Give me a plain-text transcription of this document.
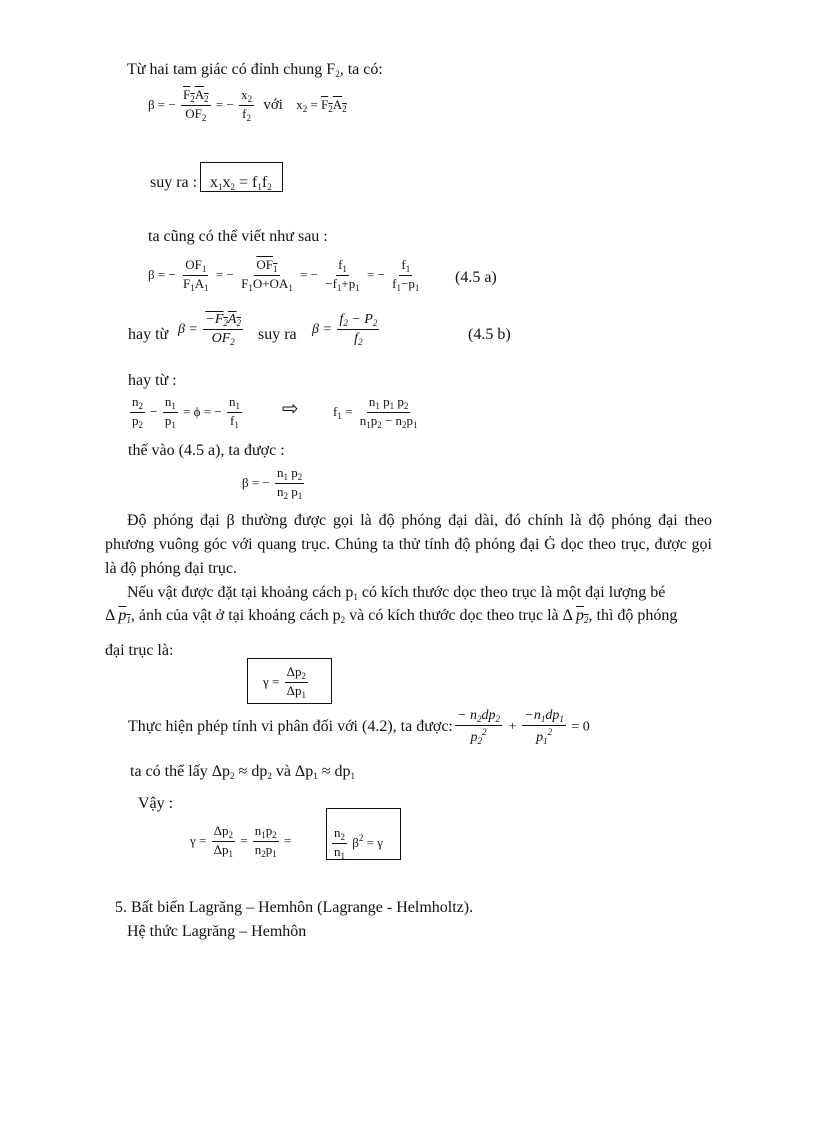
Từ hai tam giác có đỉnh chung F2, ta có:
β = − $\frac{F_2A_2}{OF_2}$ = − $\frac{x_2}{f_2}$ với $x_2 = F_2A_2$
suy ra : x1x2 = f1f2
ta cũng có thể viết như sau :
β = − $\frac{OF_1}{F_1A_1}$ = − $\frac{OF_1}{F_1O+OA_1}$ = − $\frac{f_1}{-f_1+p_1}$ = − $\frac{f_1}{f_1-p_1} (4.5$ a)
hay từ $\beta = \frac{-F_2A_2}{OF_2}$ suy ra $\beta = \frac{f_2 - P_2}{f_2}$	(4.5 b)
hay từ :
$\frac{n_2}{p_2} - \frac{n_1}{p_1} = \phi$ = − $\frac{n_1}{f_1}$ ⇨	$f_1 = \frac{n_1 p_1 p_2}{n_1p_2 - n_2p_1}$
thế vào (4.5 a), ta được :
β = − $\frac{n_1 p_2}{n_2 p_1}$
Độ phóng đại β thường được gọi là độ phóng đại dài, đó chính là độ phóng đại theo phương vuông góc với quang trục. Chúng ta thử tính độ phóng đại Ġ dọc theo trục, được gọi là độ phóng đại trục.
Nếu vật được đặt tại khoảng cách p1 có kích thước dọc theo trục là một đại lượng bé
Δ $p_1$, ảnh của vật ở tại khoảng cách p2 và có kích thước dọc theo trục là Δ $p_2$, thì độ phóng
đại trục là:
$\gamma = \frac{\Delta p_2}{\Delta p_1}$
Thực hiện phép tính vi phân đối với (4.2), ta được: $\frac{- n_2dp_2}{p_2^2} + \frac{-n_1dp_1}{p_1^2} = 0$
ta có thể lấy Δp2 ≈ dp2 và Δp1 ≈ dp1
Vậy :
$\gamma = \frac{\Delta p_2}{\Delta p_1} = \frac{n_1p_2}{n_2p_1}$ =	$\frac{n_2}{n_1} \beta^2 = \gamma$
5. Bất biến Lagrăng – Hemhôn (Lagrange - Helmholtz).
Hệ thức Lagrăng – Hemhôn
